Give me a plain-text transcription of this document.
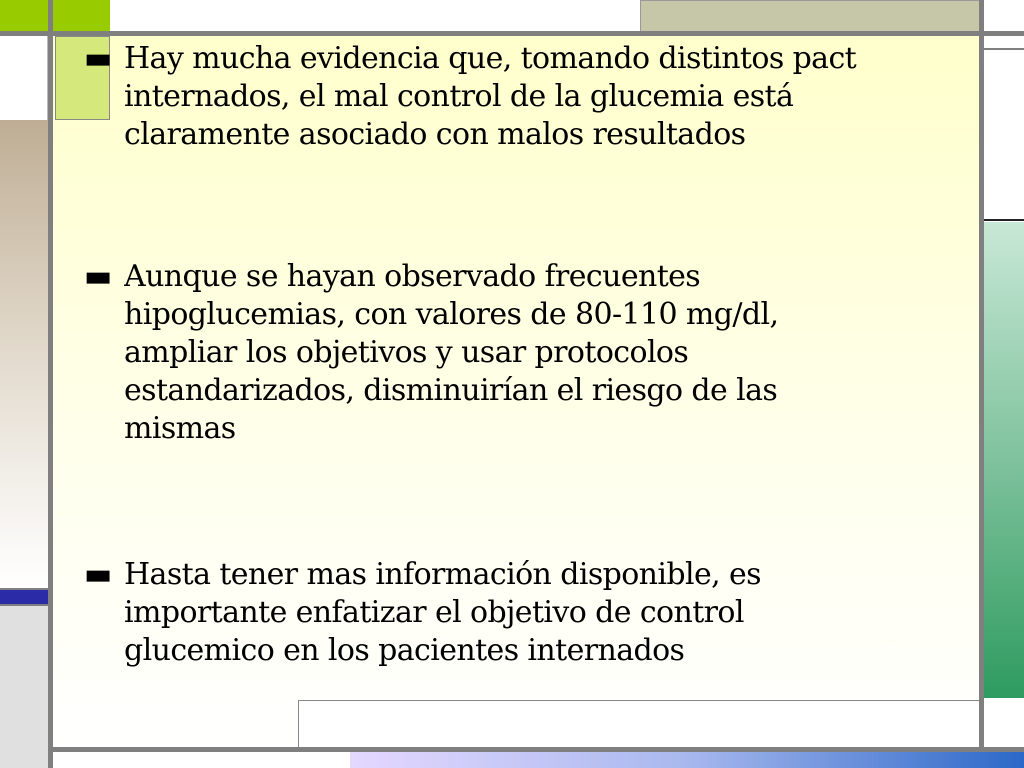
▬ Hay mucha evidencia que, tomando distintos pact
internados, el mal control de la glucemia está
claramente asociado con malos resultados
▬ Aunque se hayan observado frecuentes
hipoglucemias, con valores de 80-110 mg/dl,
ampliar los objetivos y usar protocolos
estandarizados, disminuirían el riesgo de las
mismas
▬ Hasta tener mas información disponible, es
importante enfatizar el objetivo de control
glucemico en los pacientes internados
